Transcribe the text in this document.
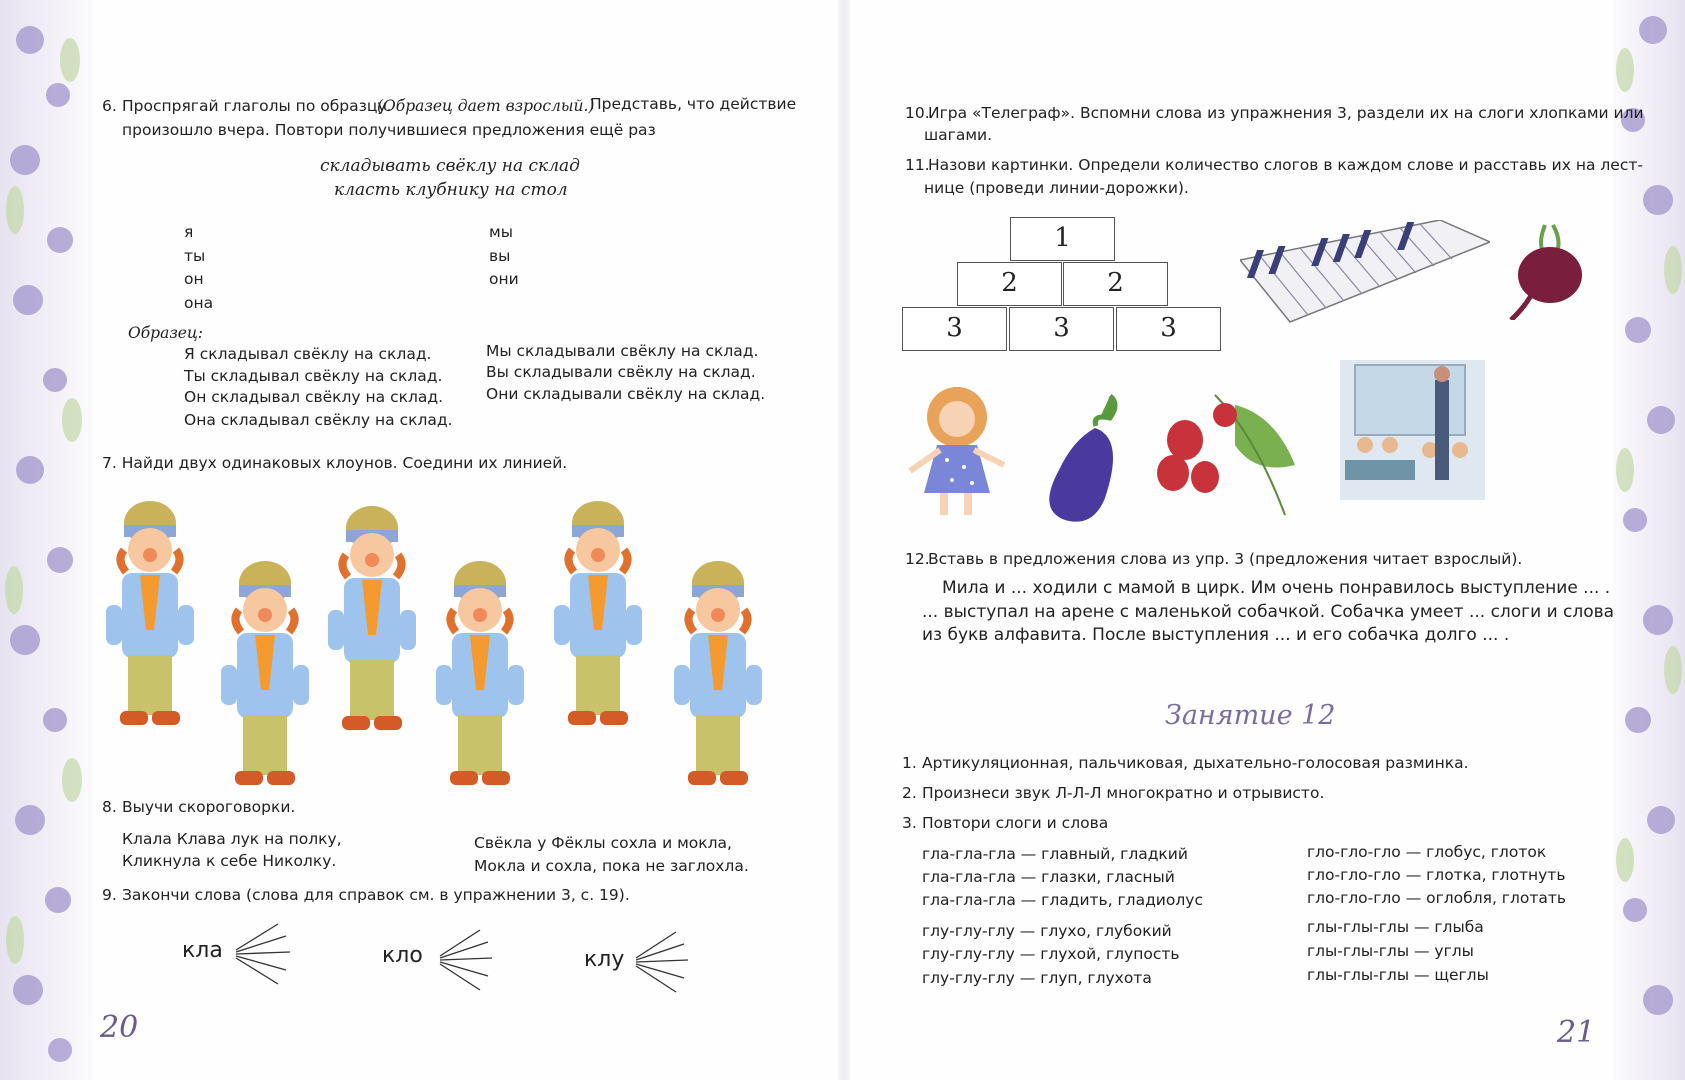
6. Проспрягай глаголы по образцу.
(Образец дает взрослый.)
Представь, что действие
произошло вчера. Повтори получившиеся предложения ещё раз
складывать свёклу на склад
класть клубнику на стол
я
ты
он
она
мы
вы
они
Образец:
Я складывал свёклу на склад.
Ты складывал свёклу на склад.
Он складывал свёклу на склад.
Она складывал свёклу на склад.
Мы складывали свёклу на склад.
Вы складывали свёклу на склад.
Они складывали свёклу на склад.
7. Найди двух одинаковых клоунов. Соедини их линией.
8. Выучи скороговорки.
Клала Клава лук на полку,
Кликнула к себе Николку.
Свёкла у Фёклы сохла и мокла,
Мокла и сохла, пока не заглохла.
9. Закончи слова (слова для справок см. в упражнении 3, с. 19).
кла	кло	клу
20
10.
Игра «Телеграф». Вспомни слова из упражнения 3, раздели их на слоги хлопками или
шагами.
11.
Назови картинки. Определи количество слогов в каждом слове и расставь их на лест-
нице (проведи линии-дорожки).
1
2	2
3	3	3
12.
Вставь в предложения слова из упр. 3 (предложения читает взрослый).
Мила и ... ходили с мамой в цирк. Им очень понравилось выступление ... .
... выступал на арене с маленькой собачкой. Собачка умеет ... слоги и слова
из букв алфавита. После выступления ... и его собачка долго ... .
Занятие 12
1. Артикуляционная, пальчиковая, дыхательно-голосовая разминка.
2. Произнеси звук Л-Л-Л многократно и отрывисто.
3. Повтори слоги и слова
гла-гла-гла — главный, гладкий
гла-гла-гла — глазки, гласный
гла-гла-гла — гладить, гладиолус
глу-глу-глу — глухо, глубокий
глу-глу-глу — глухой, глупость
глу-глу-глу — глуп, глухота
гло-гло-гло — глобус, глоток
гло-гло-гло — глотка, глотнуть
гло-гло-гло — оглобля, глотать
глы-глы-глы — глыба
глы-глы-глы — углы
глы-глы-глы — щеглы
21
